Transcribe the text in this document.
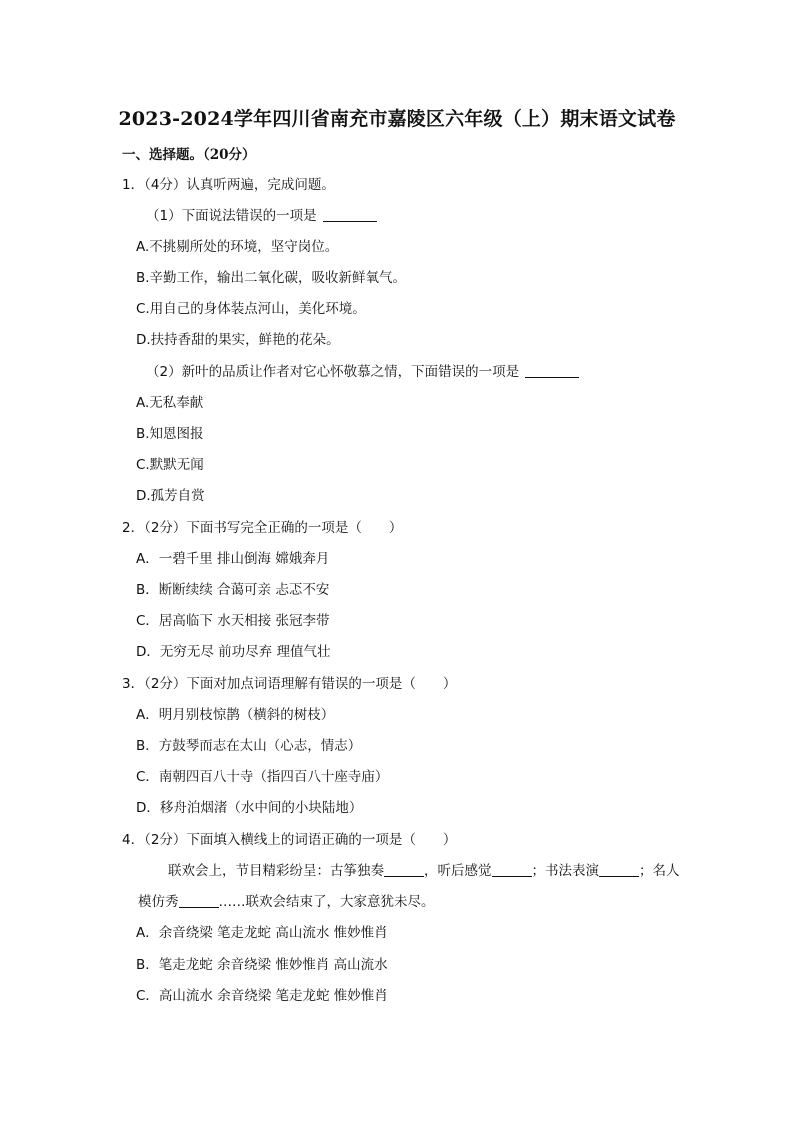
2023-2024学年四川省南充市嘉陵区六年级（上）期末语文试卷
一、选择题。（20分）
1．（4分）认真听两遍，完成问题。
（1）下面说法错误的一项是
A.不挑剔所处的环境，坚守岗位。
B.辛勤工作，输出二氧化碳，吸收新鲜氧气。
C.用自己的身体装点河山，美化环境。
D.扶持香甜的果实，鲜艳的花朵。
（2）新叶的品质让作者对它心怀敬慕之情，下面错误的一项是
A.无私奉献
B.知恩图报
C.默默无闻
D.孤芳自赏
2．（2分）下面书写完全正确的一项是（　　）
A．一碧千里 排山倒海 嫦娥奔月
B．断断续续 合蔼可亲 忐忑不安
C．居高临下 水天相接 张冠李带
D．无穷无尽 前功尽弃 理值气壮
3．（2分）下面对加点词语理解有错误的一项是（　　）
A．明月别枝惊鹊（横斜的树枝）
B．方鼓琴而志在太山（心志，情志）
C．南朝四百八十寺（指四百八十座寺庙）
D．移舟泊烟渚（水中间的小块陆地）
4．（2分）下面填入横线上的词语正确的一项是（　　）
联欢会上，节目精彩纷呈：古筝独奏	，听后感觉	；书法表演	；名人
模仿秀	……联欢会结束了，大家意犹未尽。
A．余音绕梁 笔走龙蛇 高山流水 惟妙惟肖
B．笔走龙蛇 余音绕梁 惟妙惟肖 高山流水
C．高山流水 余音绕梁 笔走龙蛇 惟妙惟肖
